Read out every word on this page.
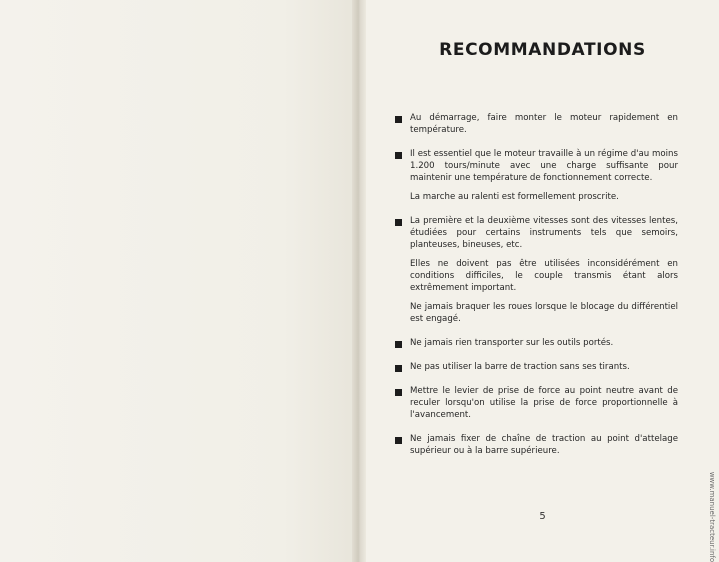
RECOMMANDATIONS

Au démarrage, faire monter le moteur rapidement en température.

Il est essentiel que le moteur travaille à un régime d'au moins 1.200 tours/minute avec une charge suffisante pour maintenir une température de fonctionnement correcte.

La marche au ralenti est formellement proscrite.

La première et la deuxième vitesses sont des vitesses lentes, étudiées pour certains instruments tels que semoirs, planteuses, bineuses, etc.

Elles ne doivent pas être utilisées inconsidérément en conditions difficiles, le couple transmis étant alors extrêmement important.

Ne jamais braquer les roues lorsque le blocage du différentiel est engagé.

Ne jamais rien transporter sur les outils portés.

Ne pas utiliser la barre de traction sans ses tirants.

Mettre le levier de prise de force au point neutre avant de reculer lorsqu'on utilise la prise de force proportionnelle à l'avancement.

Ne jamais fixer de chaîne de traction au point d'attelage supérieur ou à la barre supérieure.

5	www.manuel-tracteur.info
